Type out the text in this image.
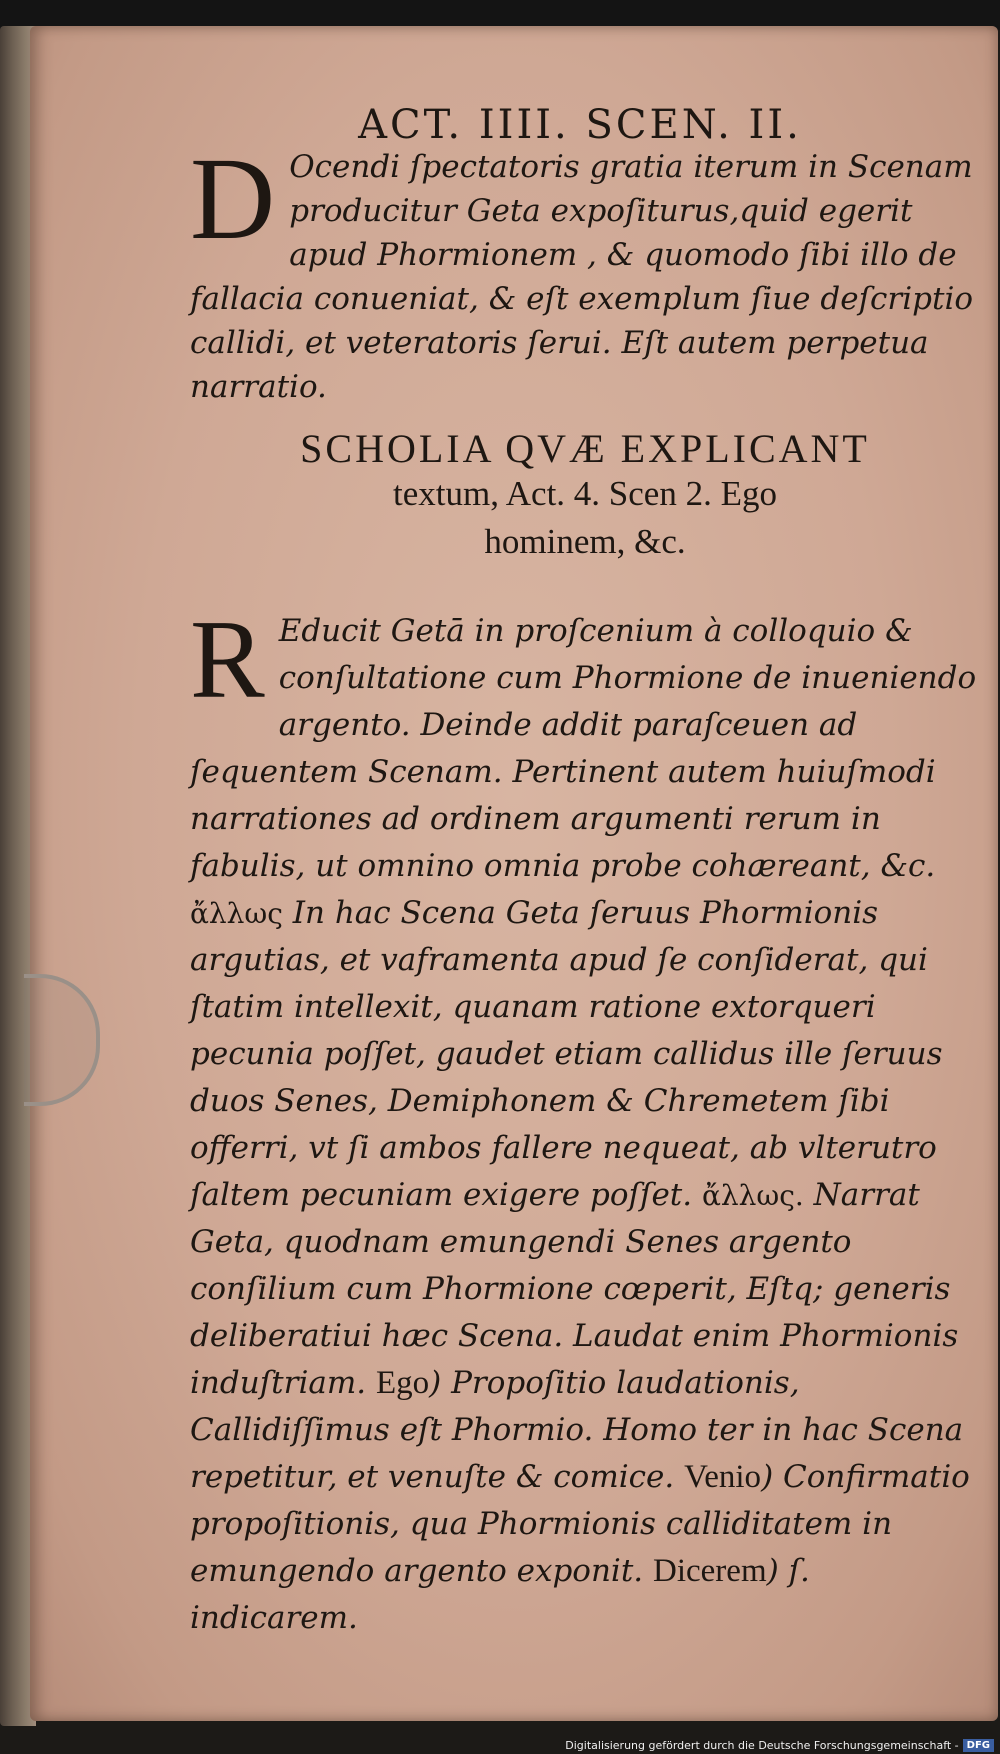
ACT. IIII. SCEN. II.
D Ocendi ſpectatoris gratia iterum in Scenam producitur Geta expoſiturus,quid egerit apud Phormionem , & quomodo ſibi illo de fallacia conueniat, & eſt exemplum ſiue deſcriptio callidi, et veteratoris ſerui. Eſt autem perpetua narratio.
SCHOLIA QVÆ EXPLICANT
textum, Act. 4. Scen 2. Ego
hominem, &c.
R Educit Getā in proſcenium à colloquio & conſultatione cum Phormione de inueniendo argento. Deinde addit paraſceuen ad ſequentem Scenam. Pertinent autem huiuſmodi narrationes ad ordinem argumenti rerum in fabulis, ut omnino omnia probe cohæreant, &c. ἄλλως In hac Scena Geta ſeruus Phormionis argutias, et vaframenta apud ſe conſiderat, qui ſtatim intellexit, quanam ratione extorqueri pecunia poſſet, gaudet etiam callidus ille ſeruus duos Senes, Demiphonem & Chremetem ſibi offerri, vt ſi ambos fallere nequeat, ab vlterutro ſaltem pecuniam exigere poſſet. ἄλλως. Narrat Geta, quodnam emungendi Senes argento conſilium cum Phormione cœperit, Eſtq; generis deliberatiui hæc Scena. Laudat enim Phormionis induſtriam. Ego) Propoſitio laudationis, Callidiſſimus eſt Phormio. Homo ter in hac Scena repetitur, et venuſte & comice. Venio) Confirmatio propoſitionis, qua Phormionis calliditatem in emungendo argento exponit. Dicerem) ſ. indicarem.
Digitalisierung gefördert durch die Deutsche Forschungsgemeinschaft - DFG
